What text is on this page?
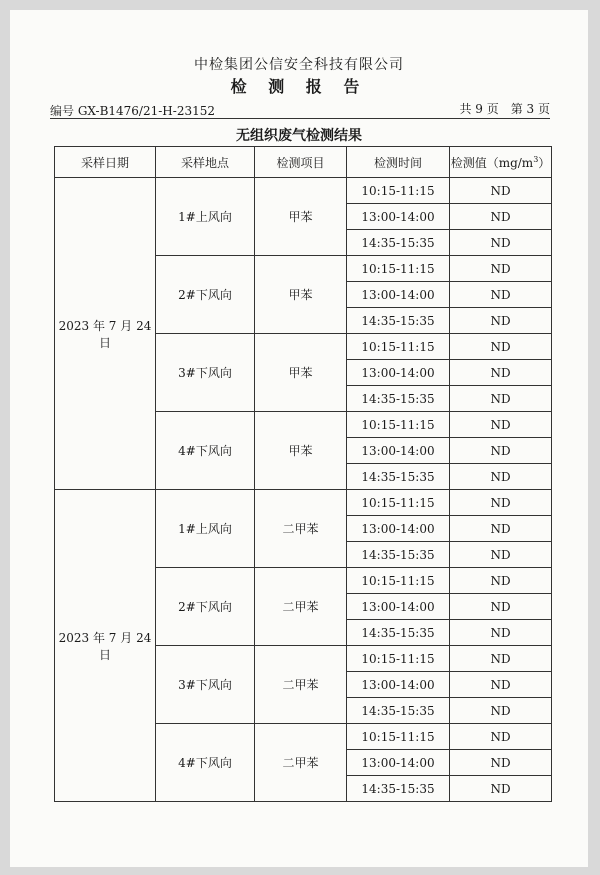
中检集团公信安全科技有限公司
检 测 报 告
编号 GX-B1476/21-H-23152	共 9 页　第 3 页
无组织废气检测结果
采样日期	采样地点	检测项目	检测时间	检测值$(mg/m^3)$
2023 年 7 月 24 日	1#上风向	甲苯	10:15-11:15	ND
			13:00-14:00	ND
			14:35-15:35	ND
	2#下风向	甲苯	10:15-11:15	ND
			13:00-14:00	ND
			14:35-15:35	ND
	3#下风向	甲苯	10:15-11:15	ND
			13:00-14:00	ND
			14:35-15:35	ND
	4#下风向	甲苯	10:15-11:15	ND
			13:00-14:00	ND
			14:35-15:35	ND
2023 年 7 月 24 日	1#上风向	二甲苯	10:15-11:15	ND
			13:00-14:00	ND
			14:35-15:35	ND
	2#下风向	二甲苯	10:15-11:15	ND
			13:00-14:00	ND
			14:35-15:35	ND
	3#下风向	二甲苯	10:15-11:15	ND
			13:00-14:00	ND
			14:35-15:35	ND
	4#下风向	二甲苯	10:15-11:15	ND
			13:00-14:00	ND
			14:35-15:35	ND
